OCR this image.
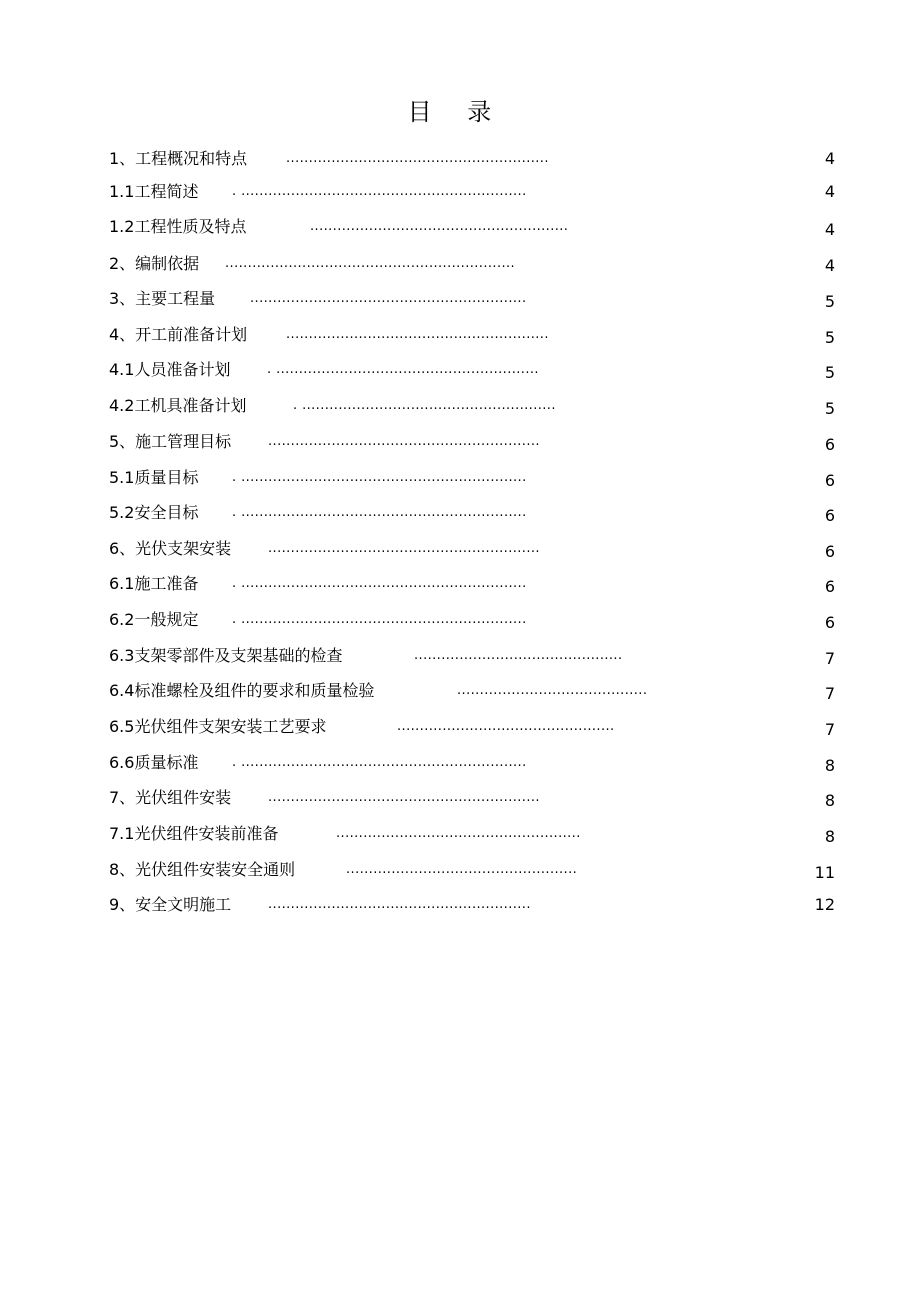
目 录
1、工程概况和特点	..........................................................	4
1.1工程简述	. ...............................................................	4
1.2工程性质及特点	.........................................................	4
2、编制依据 ................................................................	4
3、主要工程量	.............................................................	5
4、开工前准备计划	..........................................................	5
4.1人员准备计划	. ..........................................................	5
4.2工机具准备计划	. ........................................................	5
5、施工管理目标	............................................................	6
5.1质量目标	. ...............................................................	6
5.2安全目标	. ...............................................................	6
6、光伏支架安装	............................................................	6
6.1施工准备	. ...............................................................	6
6.2一般规定	. ...............................................................	6
6.3支架零部件及支架基础的检查	..............................................	7
6.4标准螺栓及组件的要求和质量检验	..........................................	7
6.5光伏组件支架安装工艺要求	................................................	7
6.6质量标准	. ...............................................................	8
7、光伏组件安装	............................................................	8
7.1光伏组件安装前准备	......................................................	8
8、光伏组件安装安全通则	...................................................	11
9、安全文明施工	..........................................................	12
